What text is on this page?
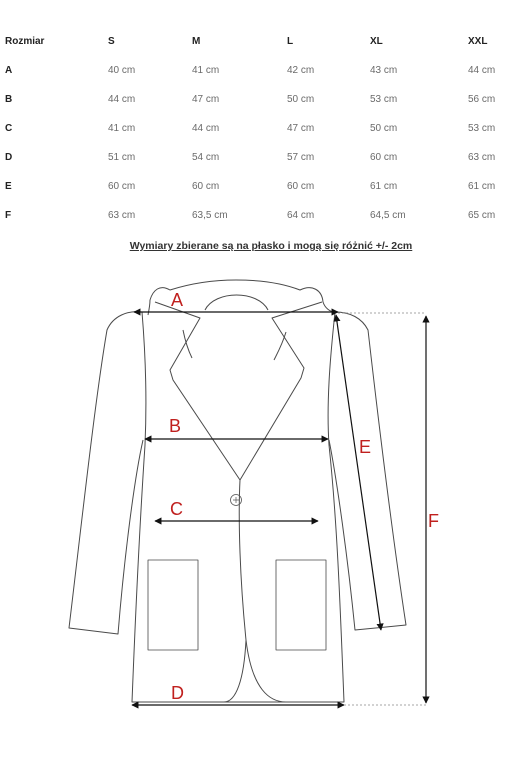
Rozmiar	S	M	L	XL	XXL
A	40 cm	41 cm	42 cm	43 cm	44 cm
B	44 cm	47 cm	50 cm	53 cm	56 cm
C	41 cm	44 cm	47 cm	50 cm	53 cm
D	51 cm	54 cm	57 cm	60 cm	63 cm
E	60 cm	60 cm	60 cm	61 cm	61 cm
F	63 cm	63,5 cm	64 cm	64,5 cm	65 cm
Wymiary zbierane są na płasko i mogą się różnić +/- 2cm
A
B
C
D
E
F
